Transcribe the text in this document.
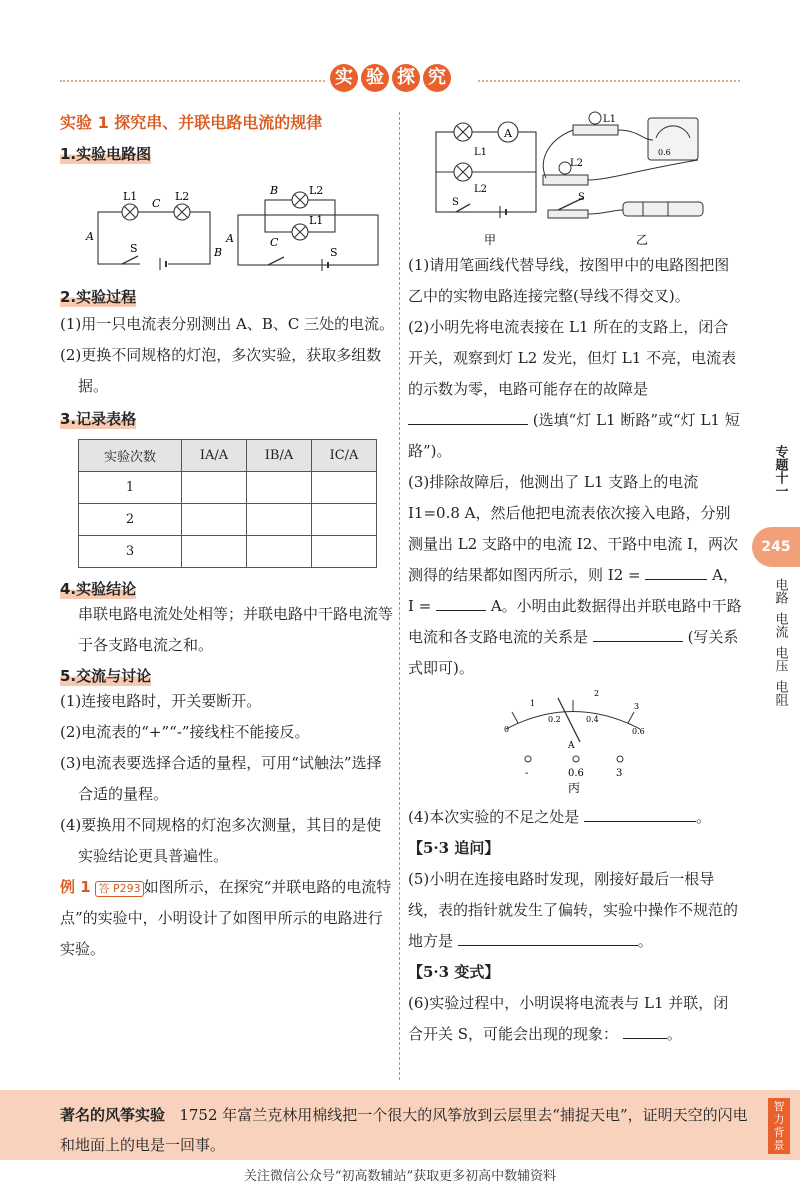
实 验 探 究
实验 1 探究串、并联电路电流的规律
1.实验电路图
L1
C
L2
A
B
S
B	L2
L1
C
A
S
2.实验过程
(1)用一只电流表分别测出 A、B、C 三处的电流。
(2)更换不同规格的灯泡，多次实验，获取多组数据。
3.记录表格
实验次数	IA/A	IB/A	IC/A
1			
2			
3			
4.实验结论
串联电路电流处处相等；并联电路中干路电流等于各支路电流之和。
5.交流与讨论
(1)连接电路时，开关要断开。
(2)电流表的“+”“-”接线柱不能接反。
(3)电流表要选择合适的量程，可用“试触法”选择合适的量程。
(4)要换用不同规格的灯泡多次测量，其目的是使实验结论更具普遍性。
例 1 答 P293 如图所示，在探究“并联电路的电流特点”的实验中，小明设计了如图甲所示的电路进行实验。
A
L1
L2
S
甲
L1
L2
S
0.6
乙
(1)请用笔画线代替导线，按图甲中的电路图把图乙中的实物电路连接完整(导线不得交叉)。
(2)小明先将电流表接在 L1 所在的支路上，闭合开关，观察到灯 L2 发光，但灯 L1 不亮，电流表的示数为零，电路可能存在的故障是  (选填“灯 L1 断路”或“灯 L1 短路”)。
(3)排除故障后，他测出了 L1 支路上的电流 I1=0.8 A，然后他把电流表依次接入电路，分别测量出 L2 支路中的电流 I2、干路中电流 I，两次测得的结果都如图丙所示，则 I2 =	A，I =	A。小明由此数据得出并联电路中干路电流和各支路电流的关系是	(写关系式即可)。
0
0.2	0.4
0.6
1
2
3
A
-	0.6	3
丙
(4)本次实验的不足之处是	。
【5·3 追问】
(5)小明在连接电路时发现，刚接好最后一根导线，表的指针就发生了偏转，实验中操作不规范的地方是	。
【5·3 变式】
(6)实验过程中，小明误将电流表与 L1 并联，闭合开关 S，可能会出现的现象：	。
专题十一
245
电路
电流
电压
电阻
著名的风筝实验 1752 年富兰克林用棉线把一个很大的风筝放到云层里去“捕捉天电”，证明天空的闪电和地面上的电是一回事。
智力背景
关注微信公众号“初高数辅站”获取更多初高中数辅资料
